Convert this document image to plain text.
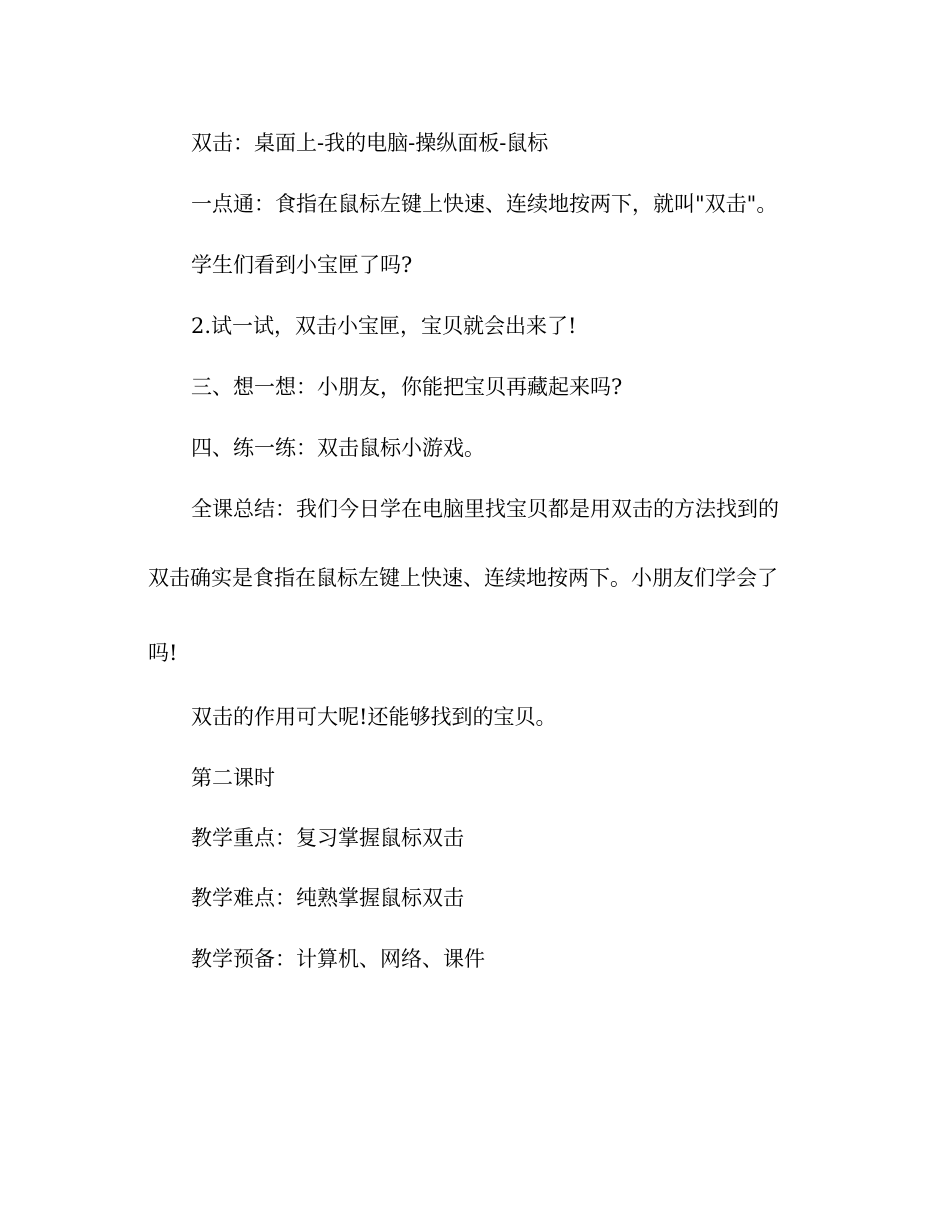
双击：桌面上-我的电脑-操纵面板-鼠标

一点通：食指在鼠标左键上快速、连续地按两下，就叫"双击"。

学生们看到小宝匣了吗?

2.试一试，双击小宝匣，宝贝就会出来了!

三、想一想：小朋友，你能把宝贝再藏起来吗?

四、练一练：双击鼠标小游戏。

全课总结：我们今日学在电脑里找宝贝都是用双击的方法找到的

双击确实是食指在鼠标左键上快速、连续地按两下。小朋友们学会了

吗!

双击的作用可大呢!还能够找到的宝贝。

第二课时

教学重点：复习掌握鼠标双击

教学难点：纯熟掌握鼠标双击

教学预备：计算机、网络、课件
